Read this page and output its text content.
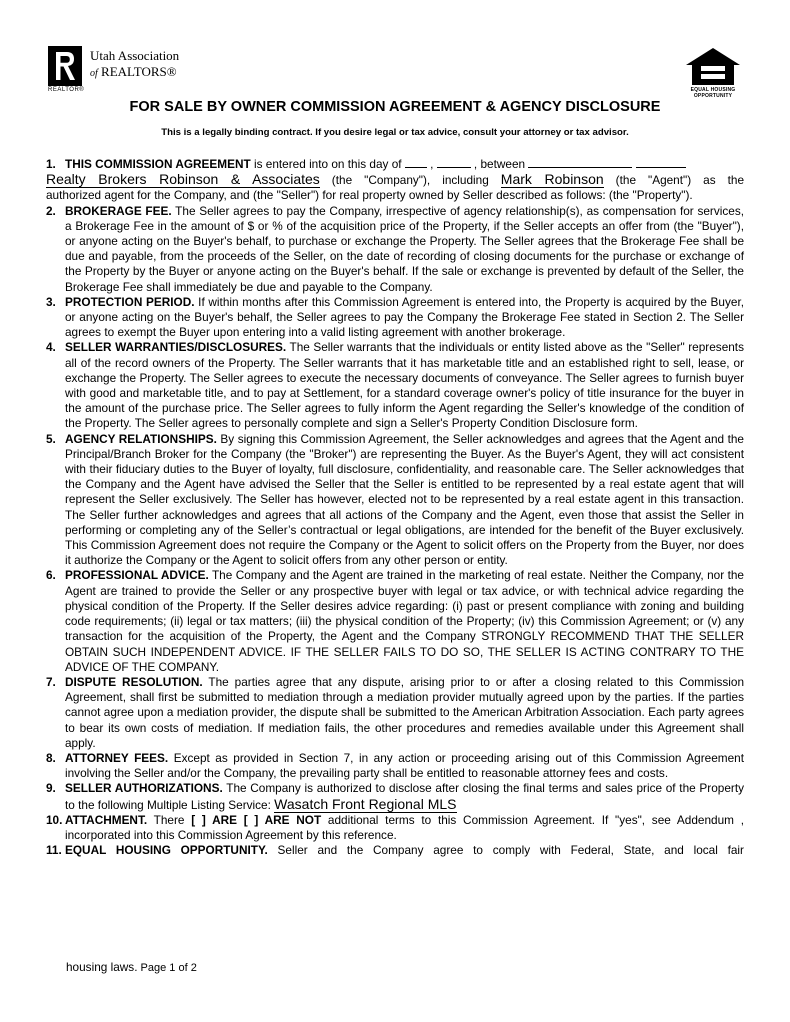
REALTOR®
Utah Association
of REALTORS®
EQUAL HOUSING
OPPORTUNITY
FOR SALE BY OWNER COMMISSION AGREEMENT & AGENCY DISCLOSURE
This is a legally binding contract. If you desire legal or tax advice, consult your attorney or tax advisor.
1. THIS COMMISSION AGREEMENT is entered into on this day of  ,	, between
Realty Brokers Robinson & Associates (the "Company"), including Mark Robinson (the "Agent") as the
authorized agent for the Company, and (the "Seller") for real property owned by Seller described as follows: (the "Property").
2. BROKERAGE FEE. The Seller agrees to pay the Company, irrespective of agency relationship(s), as compensation for services, a Brokerage Fee in the amount of $ or % of the acquisition price of the Property, if the Seller accepts an offer from (the "Buyer"), or anyone acting on the Buyer's behalf, to purchase or exchange the Property. The Seller agrees that the Brokerage Fee shall be due and payable, from the proceeds of the Seller, on the date of recording of closing documents for the purchase or exchange of the Property by the Buyer or anyone acting on the Buyer's behalf. If the sale or exchange is prevented by default of the Seller, the Brokerage Fee shall immediately be due and payable to the Company.
3. PROTECTION PERIOD. If within months after this Commission Agreement is entered into, the Property is acquired by the Buyer, or anyone acting on the Buyer's behalf, the Seller agrees to pay the Company the Brokerage Fee stated in Section 2. The Seller agrees to exempt the Buyer upon entering into a valid listing agreement with another brokerage.
4. SELLER WARRANTIES/DISCLOSURES. The Seller warrants that the individuals or entity listed above as the "Seller" represents all of the record owners of the Property. The Seller warrants that it has marketable title and an established right to sell, lease, or exchange the Property. The Seller agrees to execute the necessary documents of conveyance. The Seller agrees to furnish buyer with good and marketable title, and to pay at Settlement, for a standard coverage owner's policy of title insurance for the buyer in the amount of the purchase price. The Seller agrees to fully inform the Agent regarding the Seller's knowledge of the condition of the Property. The Seller agrees to personally complete and sign a Seller's Property Condition Disclosure form.
5. AGENCY RELATIONSHIPS. By signing this Commission Agreement, the Seller acknowledges and agrees that the Agent and the Principal/Branch Broker for the Company (the "Broker") are representing the Buyer. As the Buyer's Agent, they will act consistent with their fiduciary duties to the Buyer of loyalty, full disclosure, confidentiality, and reasonable care. The Seller acknowledges that the Company and the Agent have advised the Seller that the Seller is entitled to be represented by a real estate agent that will represent the Seller exclusively. The Seller has however, elected not to be represented by a real estate agent in this transaction. The Seller further acknowledges and agrees that all actions of the Company and the Agent, even those that assist the Seller in performing or completing any of the Seller’s contractual or legal obligations, are intended for the benefit of the Buyer exclusively. This Commission Agreement does not require the Company or the Agent to solicit offers on the Property from the Buyer, nor does it authorize the Company or the Agent to solicit offers from any other person or entity.
6. PROFESSIONAL ADVICE. The Company and the Agent are trained in the marketing of real estate. Neither the Company, nor the Agent are trained to provide the Seller or any prospective buyer with legal or tax advice, or with technical advice regarding the physical condition of the Property. If the Seller desires advice regarding: (i) past or present compliance with zoning and building code requirements; (ii) legal or tax matters; (iii) the physical condition of the Property; (iv) this Commission Agreement; or (v) any transaction for the acquisition of the Property, the Agent and the Company STRONGLY RECOMMEND THAT THE SELLER OBTAIN SUCH INDEPENDENT ADVICE. IF THE SELLER FAILS TO DO SO, THE SELLER IS ACTING CONTRARY TO THE ADVICE OF THE COMPANY.
7. DISPUTE RESOLUTION. The parties agree that any dispute, arising prior to or after a closing related to this Commission Agreement, shall first be submitted to mediation through a mediation provider mutually agreed upon by the parties. If the parties cannot agree upon a mediation provider, the dispute shall be submitted to the American Arbitration Association. Each party agrees to bear its own costs of mediation. If mediation fails, the other procedures and remedies available under this Agreement shall apply.
8. ATTORNEY FEES. Except as provided in Section 7, in any action or proceeding arising out of this Commission Agreement involving the Seller and/or the Company, the prevailing party shall be entitled to reasonable attorney fees and costs.
9. SELLER AUTHORIZATIONS. The Company is authorized to disclose after closing the final terms and sales price of the Property to the following Multiple Listing Service: Wasatch Front Regional MLS
10. ATTACHMENT. There [ ] ARE [ ] ARE NOT additional terms to this Commission Agreement. If "yes", see Addendum , incorporated into this Commission Agreement by this reference.
11. EQUAL HOUSING OPPORTUNITY. Seller and the Company agree to comply with Federal, State, and local fair
housing laws. Page 1 of 2
